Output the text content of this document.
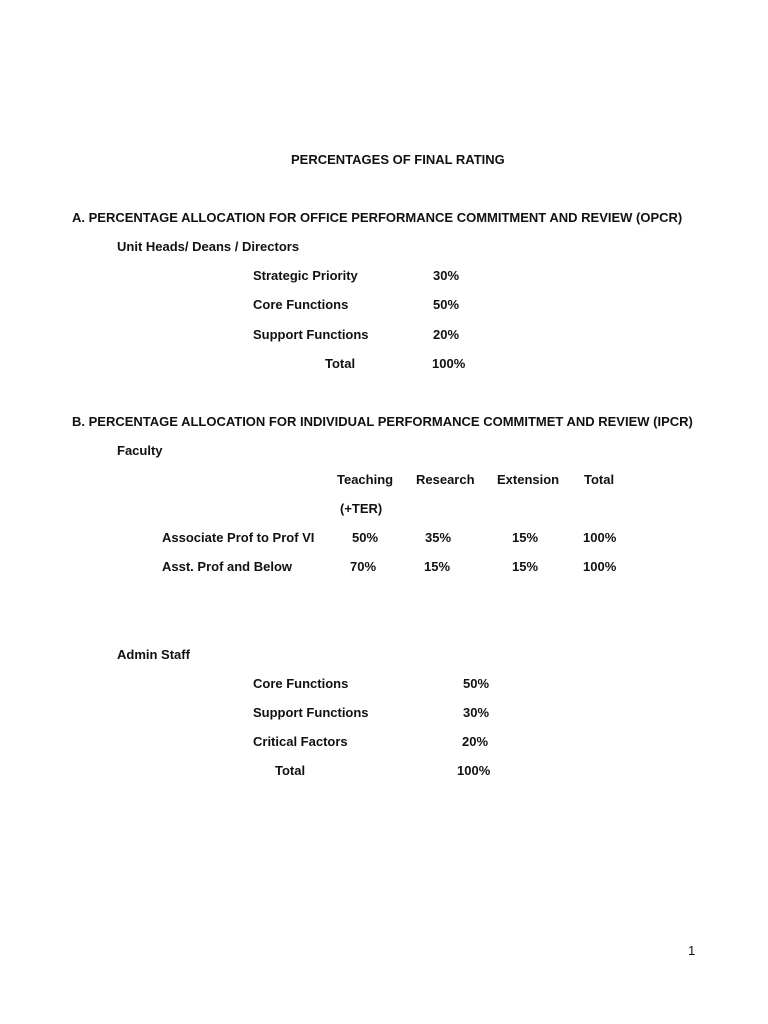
PERCENTAGES OF FINAL RATING
A. PERCENTAGE ALLOCATION FOR OFFICE PERFORMANCE COMMITMENT AND REVIEW (OPCR)
Unit Heads/ Deans / Directors
Strategic Priority	30%
Core Functions	50%
Support Functions	20%
Total	100%
B. PERCENTAGE ALLOCATION FOR INDIVIDUAL PERFORMANCE COMMITMET AND REVIEW (IPCR)
Faculty
Teaching Research Extension Total
(+TER)
Associate Prof to Prof VI	50%	35%	15%	100%
Asst. Prof and Below	70%	15%	15%	100%
Admin Staff
Core Functions	50%
Support Functions	30%
Critical Factors	20%
Total	100%
1
